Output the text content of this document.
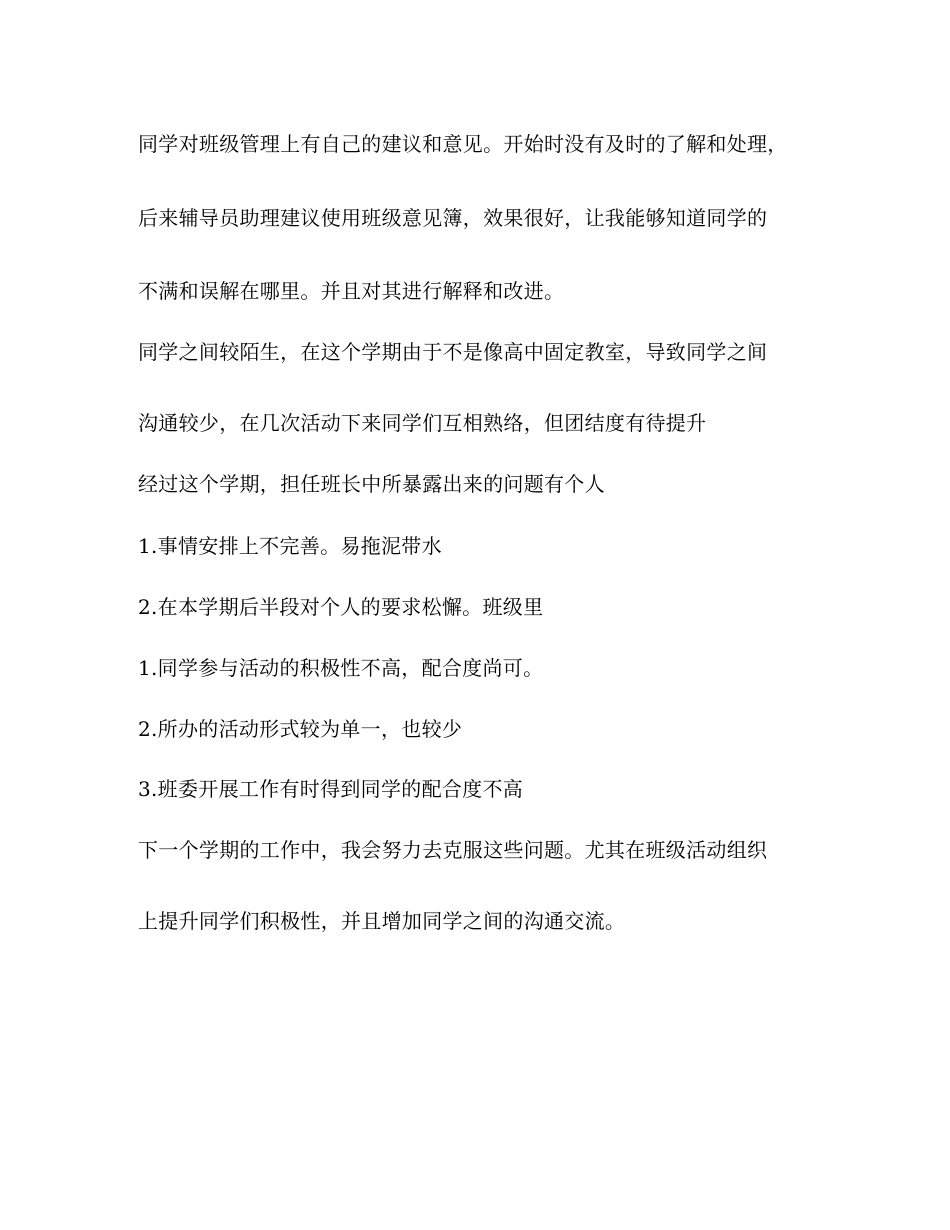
同学对班级管理上有自己的建议和意见。开始时没有及时的了解和处理，
后来辅导员助理建议使用班级意见簿，效果很好，让我能够知道同学的
不满和误解在哪里。并且对其进行解释和改进。
同学之间较陌生，在这个学期由于不是像高中固定教室，导致同学之间
沟通较少，在几次活动下来同学们互相熟络，但团结度有待提升
经过这个学期，担任班长中所暴露出来的问题有个人
1.事情安排上不完善。易拖泥带水
2.在本学期后半段对个人的要求松懈。班级里
1.同学参与活动的积极性不高，配合度尚可。
2.所办的活动形式较为单一，也较少
3.班委开展工作有时得到同学的配合度不高
下一个学期的工作中，我会努力去克服这些问题。尤其在班级活动组织
上提升同学们积极性，并且增加同学之间的沟通交流。
